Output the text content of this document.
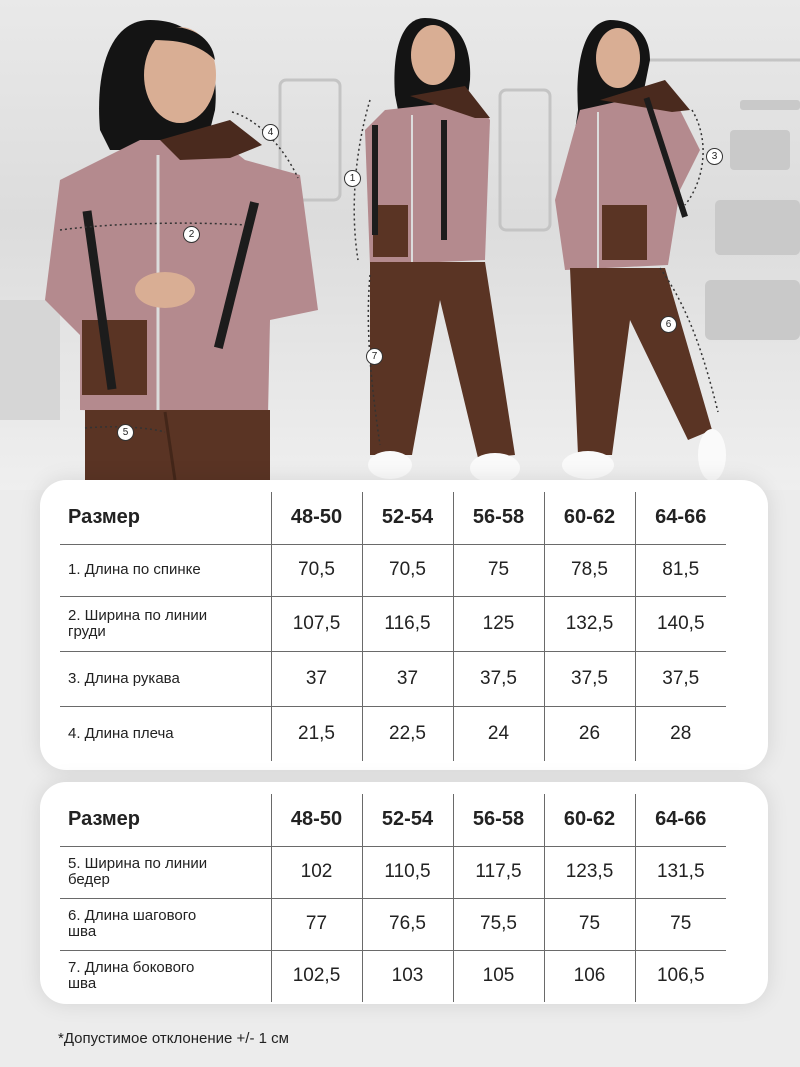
4
2
5
1
7
3
6
Размер	48-50	52-54	56-58	60-62	64-66
1. Длина по спинке	70,5	70,5	75	78,5	81,5
2. Ширина по линии груди	107,5	116,5	125	132,5	140,5
3. Длина рукава	37	37	37,5	37,5	37,5
4. Длина плеча	21,5	22,5	24	26	28
Размер	48-50	52-54	56-58	60-62	64-66
5. Ширина по линии бедер	102	110,5	117,5	123,5	131,5
6. Длина шагового шва	77	76,5	75,5	75	75
7. Длина бокового шва	102,5	103	105	106	106,5
*Допустимое отклонение +/- 1 см
